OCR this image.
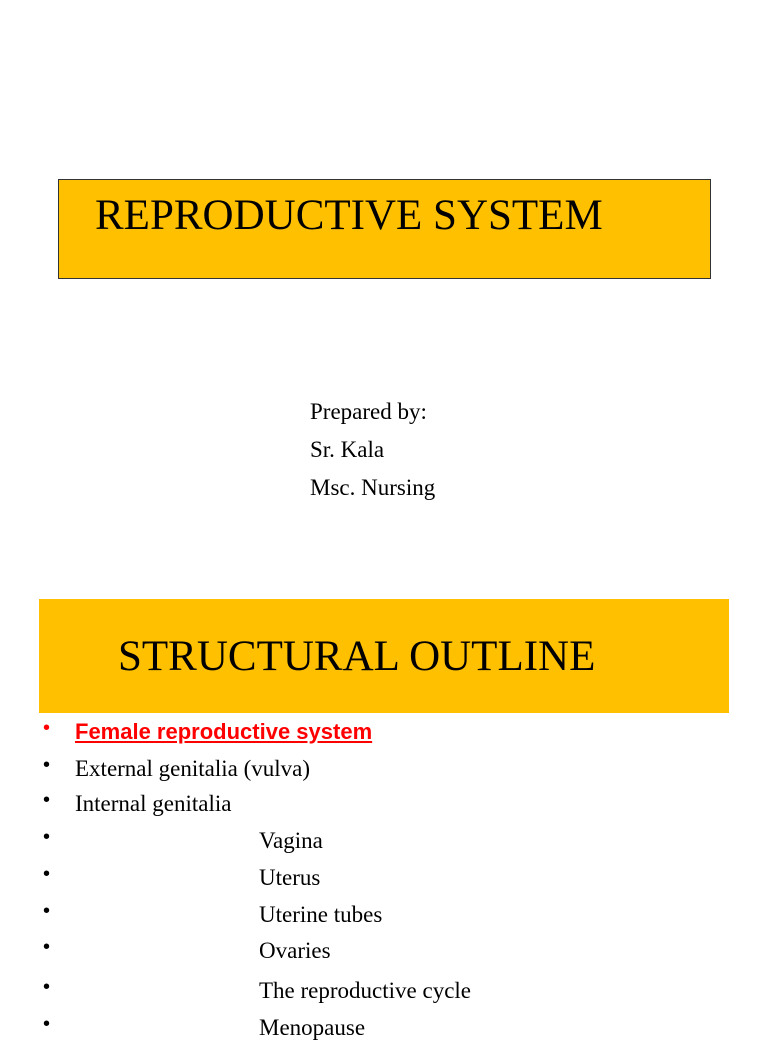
REPRODUCTIVE SYSTEM
Prepared by:
Sr. Kala
Msc. Nursing
STRUCTURAL OUTLINE
• Female reproductive system
• External genitalia (vulva)
• Internal genitalia
•	Vagina
•	Uterus
•	Uterine tubes
•	Ovaries
•	The reproductive cycle
•	Menopause
